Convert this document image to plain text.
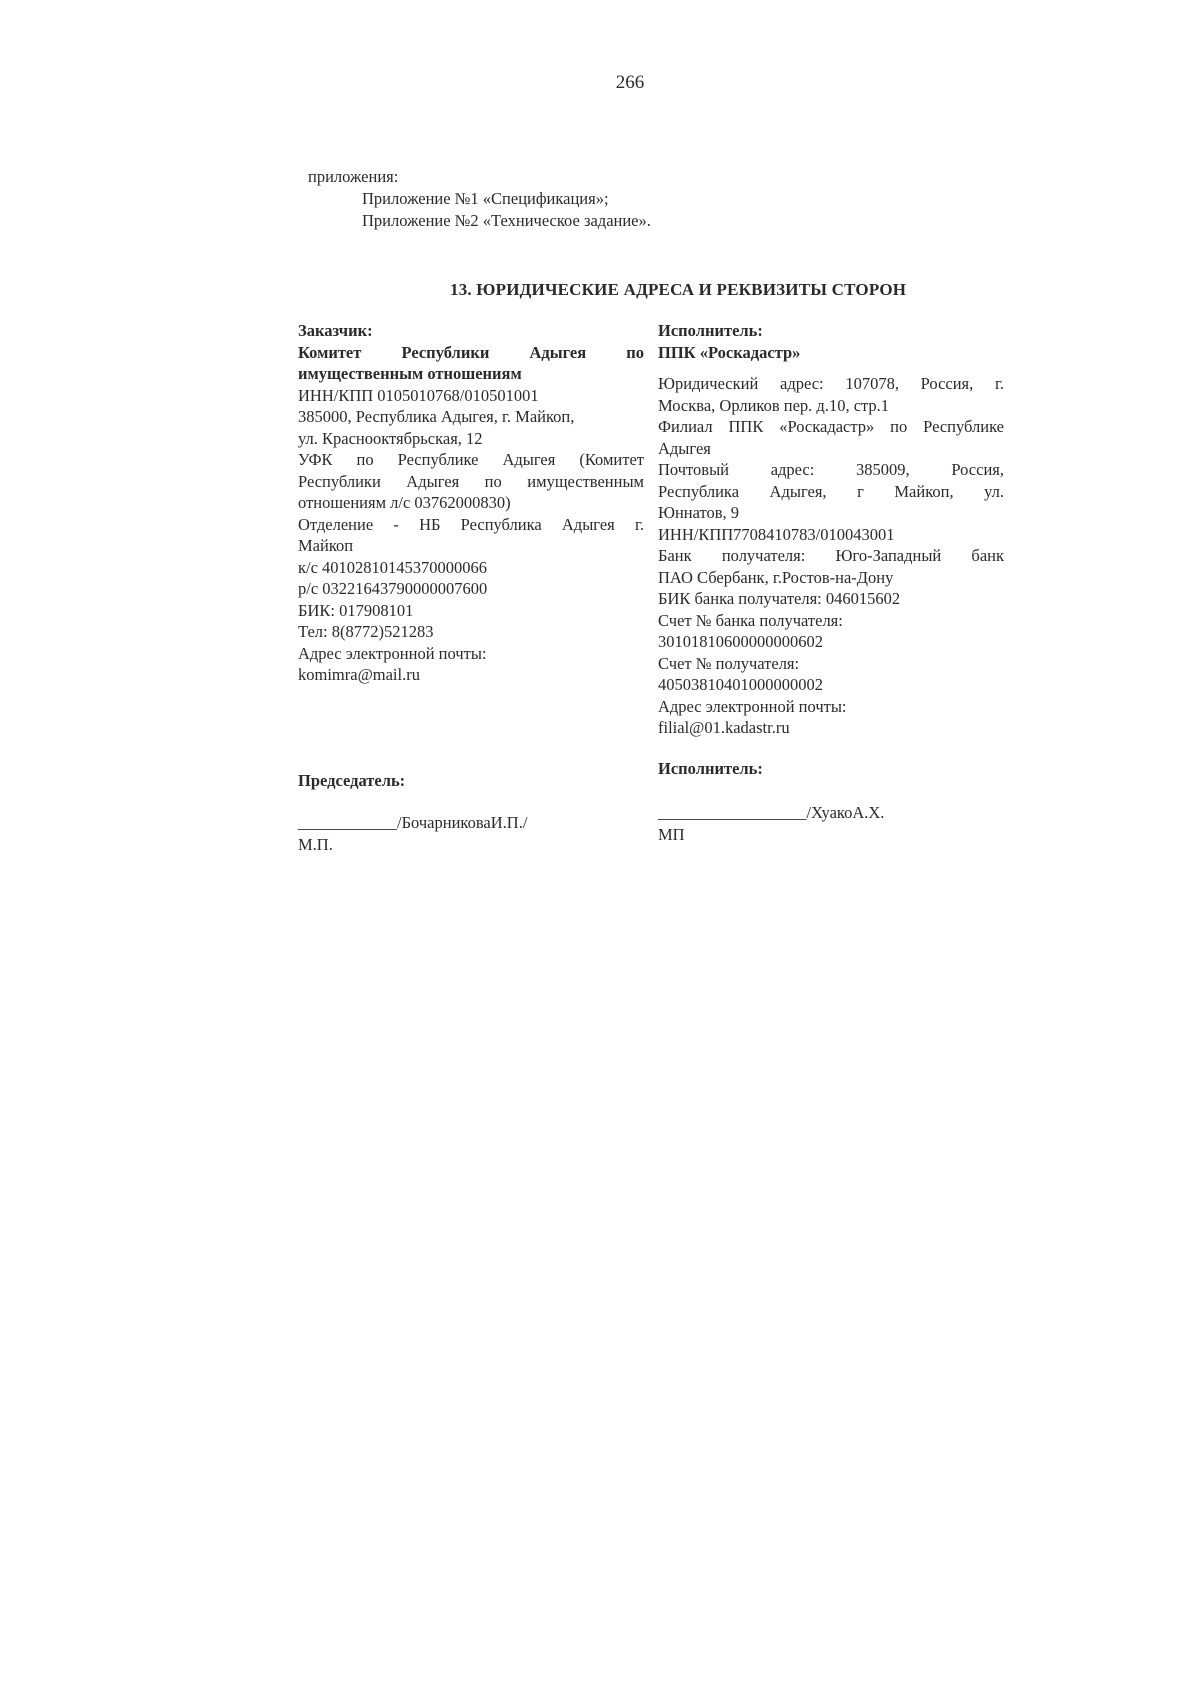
266
приложения:
Приложение №1 «Спецификация»;
Приложение №2 «Техническое задание».
13. ЮРИДИЧЕСКИЕ АДРЕСА И РЕКВИЗИТЫ СТОРОН
Заказчик:
Комитет Республики Адыгея по
имущественным отношениям
ИНН/КПП 0105010768/010501001
385000, Республика Адыгея, г. Майкоп,
ул. Краснооктябрьская, 12
УФК по Республике Адыгея (Комитет
Республики Адыгея по имущественным
отношениям л/с 03762000830)
Отделение - НБ Республика Адыгея г.
Майкоп
к/с 40102810145370000066
р/с 03221643790000007600
БИК: 017908101
Тел: 8(8772)521283
Адрес электронной почты:
komimra@mail.ru
Исполнитель:
ППК «Роскадастр»
Юридический адрес: 107078, Россия, г.
Москва, Орликов пер. д.10, стр.1
Филиал ППК «Роскадастр» по Республике
Адыгея
Почтовый адрес: 385009, Россия,
Республика Адыгея, г Майкоп, ул.
Юннатов, 9
ИНН/КПП7708410783/010043001
Банк получателя: Юго-Западный банк
ПАО Сбербанк, г.Ростов-на-Дону
БИК банка получателя: 046015602
Счет № банка получателя:
30101810600000000602
Счет № получателя:
40503810401000000002
Адрес электронной почты:
filial@01.kadastr.ru
Председатель:
____________/БочарниковаИ.П./
М.П.
Исполнитель:
__________________/ХуакоА.Х.
МП
